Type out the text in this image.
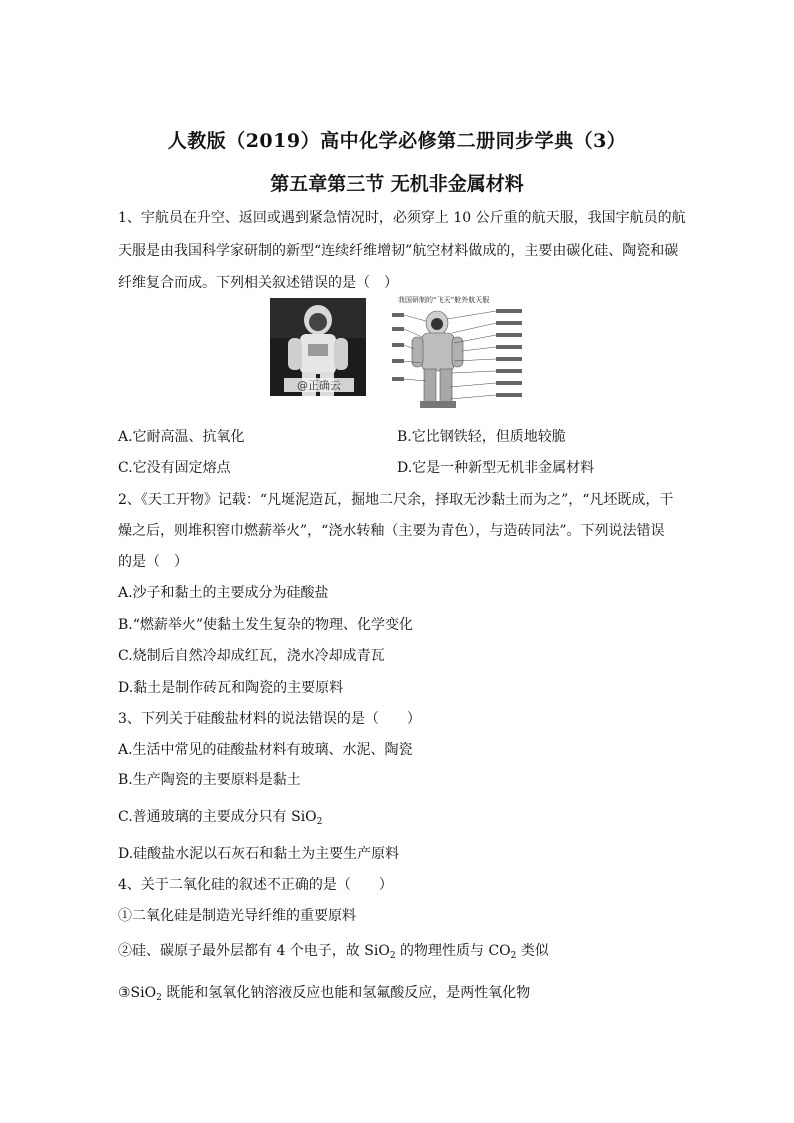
人教版（2019）高中化学必修第二册同步学典（3）
第五章第三节 无机非金属材料
1、宇航员在升空、返回或遇到紧急情况时，必须穿上 10 公斤重的航天服，我国宇航员的航
天服是由我国科学家研制的新型“连续纤维增韧”航空材料做成的，主要由碳化硅、陶瓷和碳
纤维复合而成。下列相关叙述错误的是（　）
@正确云
我国研制的“飞天”舱外航天服
A.它耐高温、抗氧化	B.它比钢铁轻，但质地较脆
C.它没有固定熔点	D.它是一种新型无机非金属材料
2、《天工开物》记载：“凡埏泥造瓦，掘地二尺余，择取无沙黏土而为之”，“凡坯既成，干
燥之后，则堆积窖巾燃薪举火”，“浇水转釉（主要为青色），与造砖同法”。下列说法错误
的是（　）
A.沙子和黏土的主要成分为硅酸盐
B.“燃薪举火”使黏土发生复杂的物理、化学变化
C.烧制后自然冷却成红瓦，浇水冷却成青瓦
D.黏土是制作砖瓦和陶瓷的主要原料
3、下列关于硅酸盐材料的说法错误的是（　　）
A.生活中常见的硅酸盐材料有玻璃、水泥、陶瓷
B.生产陶瓷的主要原料是黏土
C.普通玻璃的主要成分只有 SiO$_2$
D.硅酸盐水泥以石灰石和黏土为主要生产原料
4、关于二氧化硅的叙述不正确的是（　　）
①二氧化硅是制造光导纤维的重要原料
②硅、碳原子最外层都有 4 个电子，故 SiO$_2$ 的物理性质与 $CO_2$ 类似
③SiO$_2$ 既能和氢氧化钠溶液反应也能和氢氟酸反应，是两性氧化物
